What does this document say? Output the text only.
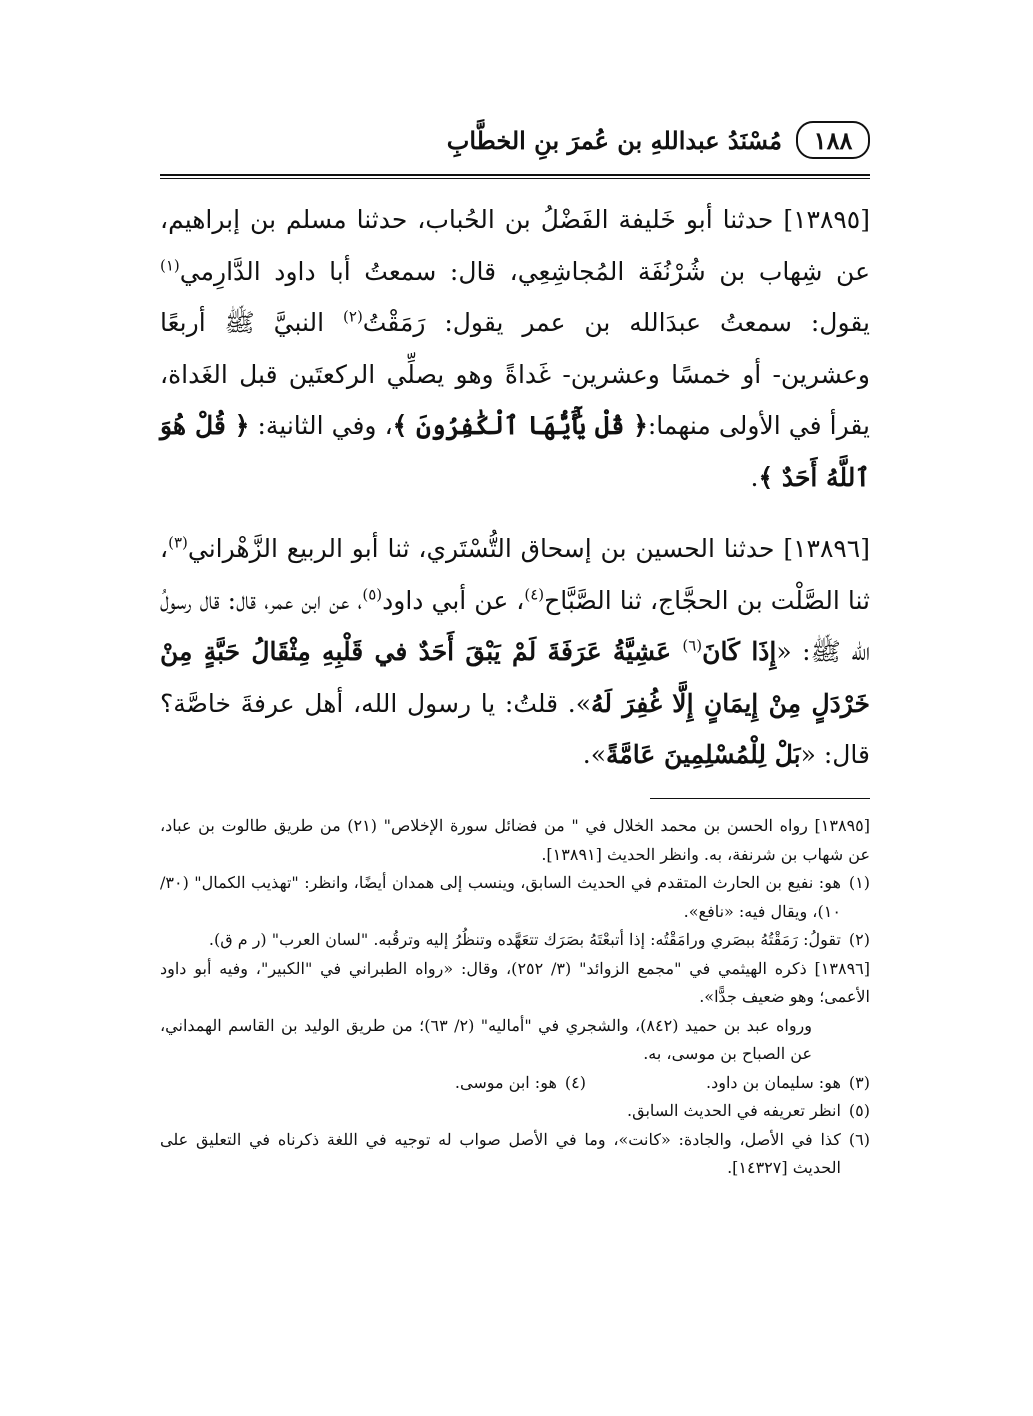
١٨٨
مُسْنَدُ عبداللهِ بن عُمرَ بنِ الخطَّابِ

[١٣٨٩٥] حدثنا أبو خَليفة الفَضْلُ بن الحُباب، حدثنا مسلم بن إبراهيم، عن شِهاب بن شُرْنُفَة المُجاشِعِي، قال: سمعتُ أبا داود الدَّارِمي$^{(١)}$ يقول: سمعتُ عبدَالله بن عمر يقول: رَمَقْتُ$^{(٢)}$ النبيَّ ﷺ أربعًا وعشرين- أو خمسًا وعشرين- غَداةً وهو يصلِّي الركعتَين قبل الغَداة، يقرأ في الأولى منهما:﴿ قُلْ يَٰٓأَيُّهَا ٱلْكَٰفِرُونَ ﴾، وفي الثانية: ﴿ قُلْ هُوَ ٱللَّهُ أَحَدٌ ﴾.

[١٣٨٩٦] حدثنا الحسين بن إسحاق التُّسْتَري، ثنا أبو الربيع الزَّهْراني$^{(٣)}$، ثنا الصَّلْت بن الحجَّاج، ثنا الصَّبَّاح$^{(٤)}$، عن أبي داود$^{(٥)}$، عن ابن عمر، قال: قال رسولُ الله ﷺ: «إِذَا كَانَ$^{(٦)}$ عَشِيَّةُ عَرَفَةَ لَمْ يَبْقَ أَحَدٌ في قَلْبِهِ مِثْقَالُ حَبَّةٍ مِنْ خَرْدَلٍ مِنْ إِيمَانٍ إِلَّا غُفِرَ لَهُ». قلتُ: يا رسول الله، أهل عرفةَ خاصَّة؟ قال: «بَلْ لِلْمُسْلِمِينَ عَامَّةً».

[١٣٨٩٥] رواه الحسن بن محمد الخلال في " من فضائل سورة الإخلاص" (٢١) من طريق طالوت بن عباد، عن شهاب بن شرنفة، به. وانظر الحديث [١٣٨٩١].

(١)
هو: نفيع بن الحارث المتقدم في الحديث السابق، وينسب إلى همدان أيضًا، وانظر: "تهذيب الكمال" (٣٠/ ١٠)، ويقال فيه: «نافع».

(٢)
تقولُ: رَمَقْتُهُ ببصَري ورامَقْتُه: إذا أتبعْتَهُ بصَرَك تتعَهَّده وتنظُرُ إليه وترقُبه. "لسان العرب" (ر م ق).

[١٣٨٩٦] ذكره الهيثمي في "مجمع الزوائد" (٣/ ٢٥٢)، وقال: «رواه الطبراني في "الكبير"، وفيه أبو داود الأعمى؛ وهو ضعيف جدًّا».

ورواه عبد بن حميد (٨٤٢)، والشجري في "أماليه" (٢/ ٦٣)؛ من طريق الوليد بن القاسم الهمداني، عن الصباح بن موسى، به.

(٣)
هو: سليمان بن داود.
(٤)
هو: ابن موسى.

(٥)
انظر تعريفه في الحديث السابق.

(٦)
كذا في الأصل، والجادة: «كانت»، وما في الأصل صواب له توجيه في اللغة ذكرناه في التعليق على الحديث [١٤٣٢٧].
